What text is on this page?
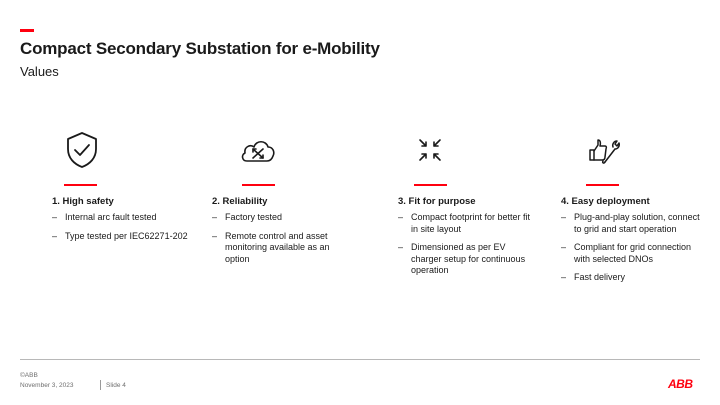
Compact Secondary Substation for e-Mobility
Values
1. High safety
– Internal arc fault tested
– Type tested per IEC62271-202
2. Reliability
– Factory tested
– Remote control and asset monitoring available as an option
3. Fit for purpose
– Compact footprint for better fit in site layout
– Dimensioned as per EV charger setup for continuous operation
4. Easy deployment
– Plug-and-play solution, connect to grid and start operation
– Compliant for grid connection with selected DNOs
– Fast delivery
©ABB
November 3, 2023	Slide 4	ABB
